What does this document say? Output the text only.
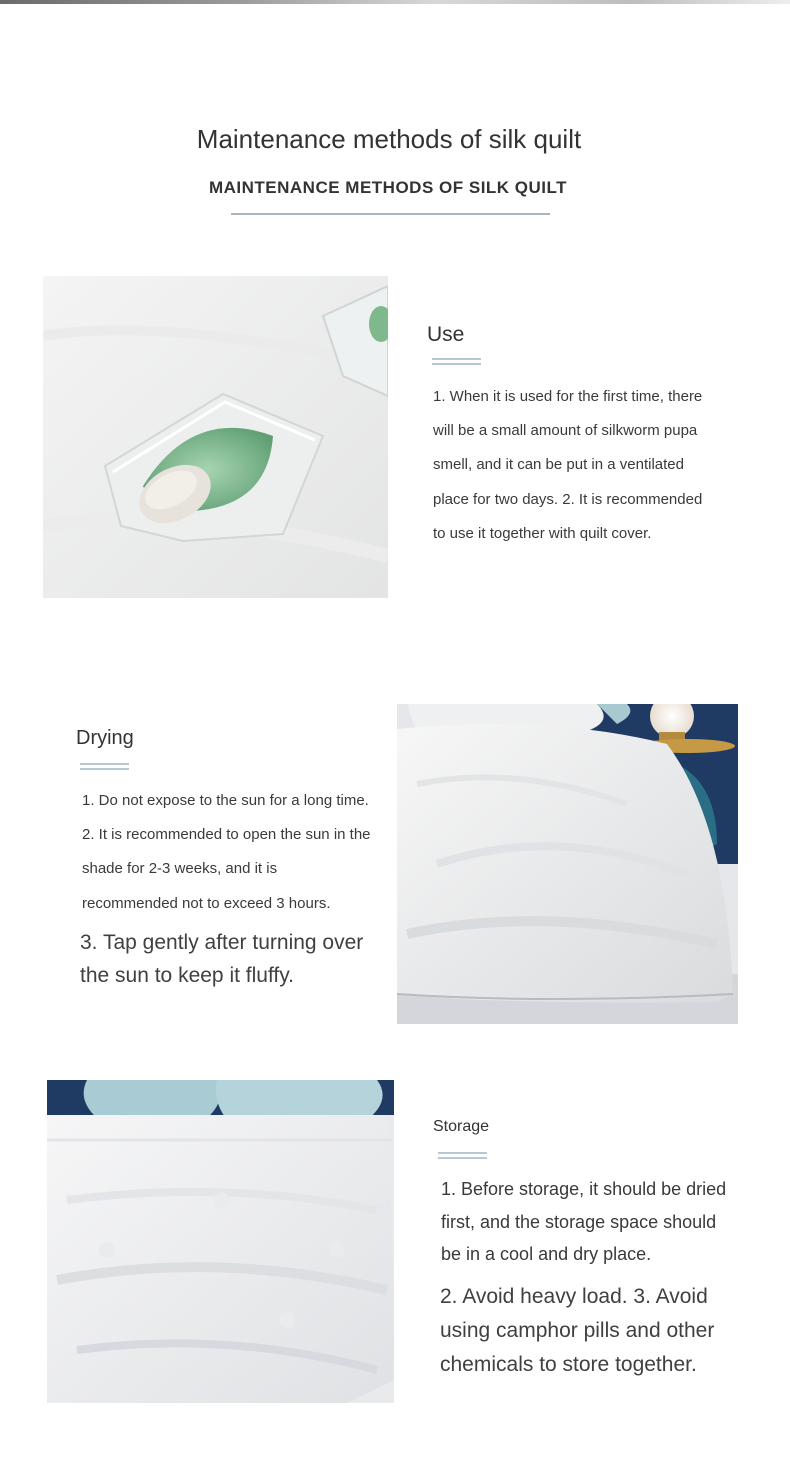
Maintenance methods of silk quilt
MAINTENANCE METHODS OF SILK QUILT
Use

1. When it is used for the first time, there will be a small amount of silkworm pupa smell, and it can be put in a ventilated place for two days. 2. It is recommended to use it together with quilt cover.

Drying

1. Do not expose to the sun for a long time. 2. It is recommended to open the sun in the shade for 2-3 weeks, and it is recommended not to exceed 3 hours.

3. Tap gently after turning over the sun to keep it fluffy.

Storage

1. Before storage, it should be dried first, and the storage space should be in a cool and dry place.

2. Avoid heavy load. 3. Avoid using camphor pills and other chemicals to store together.
